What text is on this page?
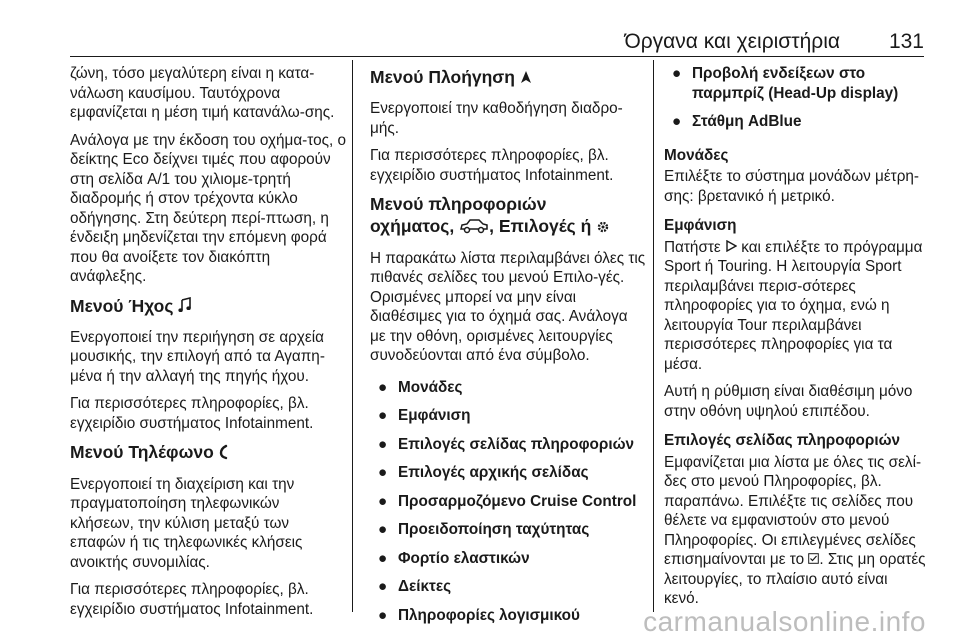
Όργανα και χειριστήρια 131

ζώνη, τόσο μεγαλύτερη είναι η κατα-νάλωση καυσίμου. Ταυτόχρονα εμφανίζεται η μέση τιμή κατανάλω-σης.

Ανάλογα με την έκδοση του οχήμα-τος, ο δείκτης Eco δείχνει τιμές που αφορούν στη σελίδα A/1 του χιλιομε-τρητή διαδρομής ή στον τρέχοντα κύκλο οδήγησης. Στη δεύτερη περί-πτωση, η ένδειξη μηδενίζεται την επόμενη φορά που θα ανοίξετε τον διακόπτη ανάφλεξης.

Μενού Ήχος

Ενεργοποιεί την περιήγηση σε αρχεία μουσικής, την επιλογή από τα Αγαπη-μένα ή την αλλαγή της πηγής ήχου.

Για περισσότερες πληροφορίες, βλ. εγχειρίδιο συστήματος Infotainment.

Μενού Τηλέφωνο

Ενεργοποιεί τη διαχείριση και την πραγματοποίηση τηλεφωνικών κλήσεων, την κύλιση μεταξύ των επαφών ή τις τηλεφωνικές κλήσεις ανοικτής συνομιλίας.

Για περισσότερες πληροφορίες, βλ. εγχειρίδιο συστήματος Infotainment.

Μενού Πλοήγηση

Ενεργοποιεί την καθοδήγηση διαδρο-μής.

Για περισσότερες πληροφορίες, βλ. εγχειρίδιο συστήματος Infotainment.

Μενού πληροφοριών
οχήματος, , Επιλογές ή

Η παρακάτω λίστα περιλαμβάνει όλες τις πιθανές σελίδες του μενού Επιλο-γές. Ορισμένες μπορεί να μην είναι διαθέσιμες για το όχημά σας. Ανάλογα με την οθόνη, ορισμένες λειτουργίες συνοδεύονται από ένα σύμβολο.

● Μονάδες
● Εμφάνιση
● Επιλογές σελίδας πληροφοριών
● Επιλογές αρχικής σελίδας
● Προσαρμοζόμενο Cruise Control
● Προειδοποίηση ταχύτητας
● Φορτίο ελαστικών
● Δείκτες
● Πληροφορίες λογισμικού
● Προβολή ενδείξεων στο παρμπρίζ (Head-Up display)
● Στάθμη AdBlue
Μονάδες

Επιλέξτε το σύστημα μονάδων μέτρη-σης: βρετανικό ή μετρικό.

Εμφάνιση

Πατήστε και επιλέξτε το πρόγραμμα Sport ή Touring. Η λειτουργία Sport περιλαμβάνει περισ-σότερες πληροφορίες για το όχημα, ενώ η λειτουργία Tour περιλαμβάνει περισσότερες πληροφορίες για τα μέσα.

Αυτή η ρύθμιση είναι διαθέσιμη μόνο στην οθόνη υψηλού επιπέδου.

Επιλογές σελίδας πληροφοριών

Εμφανίζεται μια λίστα με όλες τις σελί-δες στο μενού Πληροφορίες, βλ. παραπάνω. Επιλέξτε τις σελίδες που θέλετε να εμφανιστούν στο μενού Πληροφορίες. Οι επιλεγμένες σελίδες επισημαίνονται με το . Στις μη ορατές λειτουργίες, το πλαίσιο αυτό είναι κενό.

carmanualsonline.info
